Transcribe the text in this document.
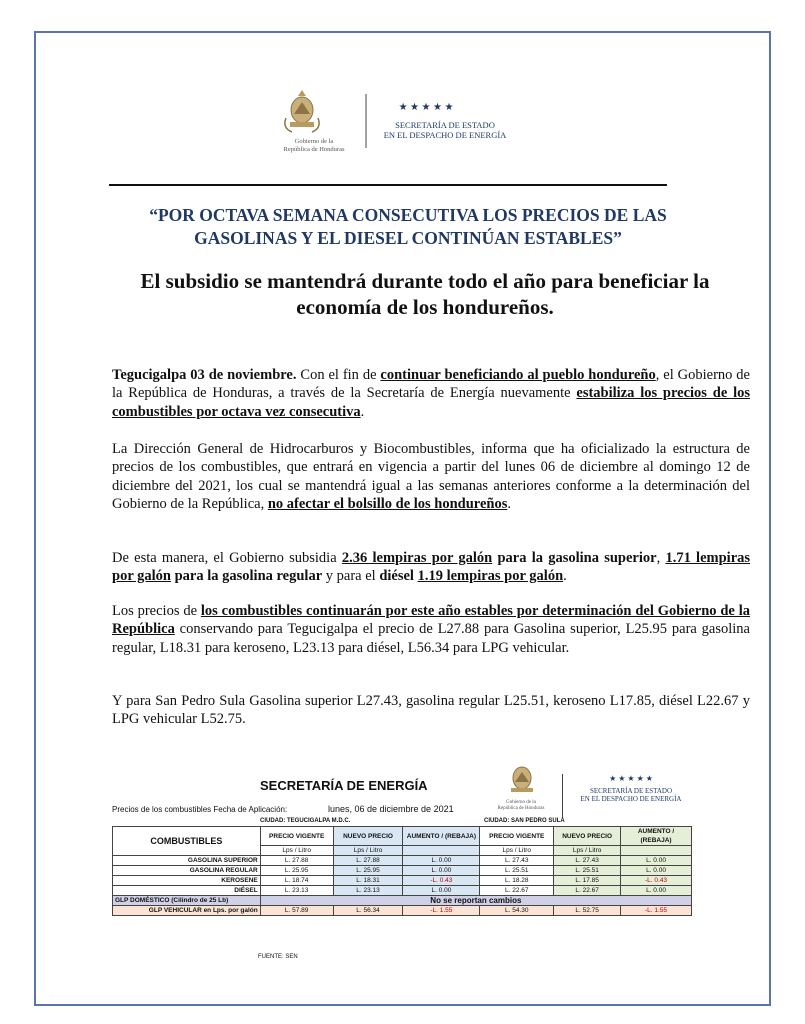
★ ★ ★ ★ ★
Gobierno de la
República de Honduras
SECRETARÍA DE ESTADO
EN EL DESPACHO DE ENERGÍA
“POR OCTAVA SEMANA CONSECUTIVA LOS PRECIOS DE LAS GASOLINAS Y EL DIESEL CONTINÚAN ESTABLES”
El subsidio se mantendrá durante todo el año para beneficiar la economía de los hondureños.
Tegucigalpa 03 de noviembre. Con el fin de continuar beneficiando al pueblo hondureño, el Gobierno de la República de Honduras, a través de la Secretaría de Energía nuevamente estabiliza los precios de los combustibles por octava vez consecutiva.
La Dirección General de Hidrocarburos y Biocombustibles, informa que ha oficializado la estructura de precios de los combustibles, que entrará en vigencia a partir del lunes 06 de diciembre al domingo 12 de diciembre del 2021, los cual se mantendrá igual a las semanas anteriores conforme a la determinación del Gobierno de la República, no afectar el bolsillo de los hondureños.
De esta manera, el Gobierno subsidia 2.36 lempiras por galón para la gasolina superior, 1.71 lempiras por galón para la gasolina regular y para el diésel 1.19 lempiras por galón.
Los precios de los combustibles continuarán por este año estables por determinación del Gobierno de la República conservando para Tegucigalpa el precio de L27.88 para Gasolina superior, L25.95 para gasolina regular, L18.31 para keroseno, L23.13 para diésel, L56.34 para LPG vehicular.
Y para San Pedro Sula Gasolina superior L27.43, gasolina regular L25.51, keroseno L17.85, diésel L22.67 y LPG vehicular L52.75.
SECRETARÍA DE ENERGÍA
Gobierno de la
República de Honduras
★ ★ ★ ★ ★
SECRETARÍA DE ESTADO
EN EL DESPACHO DE ENERGÍA
Precios de los combustibles Fecha de Aplicación:	lunes, 06 de diciembre de 2021
CIUDAD: TEGUCIGALPA M.D.C.	CIUDAD: SAN PEDRO SULA
COMBUSTIBLES	PRECIO VIGENTE	NUEVO PRECIO	AUMENTO / (REBAJA)	PRECIO VIGENTE	NUEVO PRECIO	AUMENTO / (REBAJA)
	Lps / Litro	Lps / Litro		Lps / Litro	Lps / Litro	
GASOLINA SUPERIOR	L. 27.88	L. 27.88	L. 0.00	L. 27.43	L. 27.43	L. 0.00
GASOLINA REGULAR	L. 25.95	L. 25.95	L. 0.00	L. 25.51	L. 25.51	L. 0.00
KEROSENE	L. 18.74	L. 18.31	-L. 0.43	L. 18.28	L. 17.85	-L. 0.43
DIÉSEL	L. 23.13	L. 23.13	L. 0.00	L. 22.67	L. 22.67	L. 0.00
GLP DOMÉSTICO (Cilindro de 25 Lb)	No se reportan cambios					
GLP VEHICULAR en Lps. por galón	L. 57.89	L. 56.34	-L. 1.55	L. 54.30	L. 52.75	-L. 1.55
FUENTE: SEN
